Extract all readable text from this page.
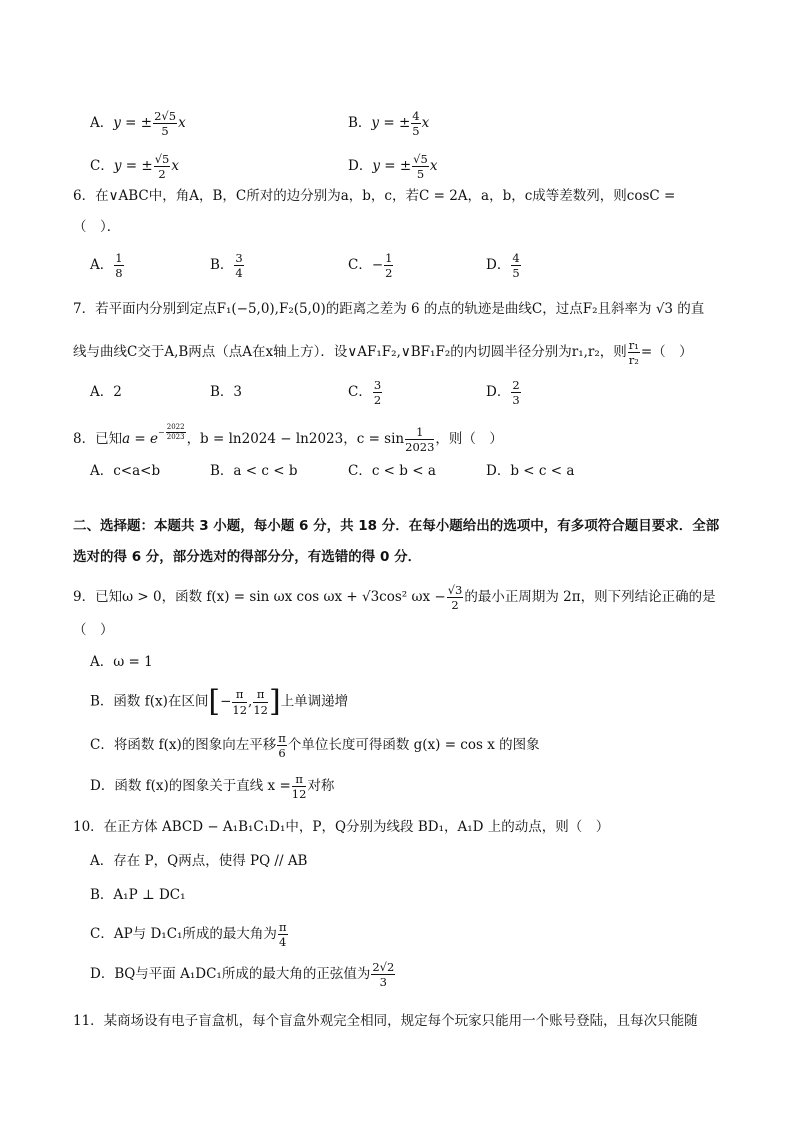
A．y = ± $\frac{2√5}{5}$ x	B．y = ± $\frac{4}{5}$ x
C．y = ± $\frac{√5}{2}$ x	D．y = ± $\frac{√5}{5}$ x
6．在∨ABC中，角A，B，C所对的边分别为a，b，c，若C = 2A，a，b，c成等差数列，则cosC =
（　）．
A． $\frac{1}{8}$	B． $\frac{3}{4}$	C．− $\frac{1}{2}$	D． $\frac{4}{5}$
7．若平面内分别到定点F₁(−5,0),F₂(5,0)的距离之差为 6 的点的轨迹是曲线C，过点F₂且斜率为 √3 的直
线与曲线C交于A,B两点（点A在x轴上方）．设∨AF₁F₂,∨BF₁F₂的内切圆半径分别为r₁,r₂，则 $\frac{\text{r₁}}{\text{r₂}}$ =（　）
A．2	B．3	C． $\frac{3}{2}$	D． $\frac{2}{3}$
8．已知$a = e^{- \frac{2022}{2023}}$ ，b = ln2024 − ln2023，$c = \sin \frac{1}{2023}$ ，则（　）
A．c<a<b	B．a < c < b	C．c < b < a	D．b < c < a
二、选择题：本题共 3 小题，每小题 6 分，共 18 分．在每小题给出的选项中，有多项符合题目要求．全部
选对的得 6 分，部分选对的得部分分，有选错的得 0 分．
9．已知ω > 0，函数 f(x) = sin ωx cos ωx + √3cos² $\omega x - \frac{√3}{2}$ 的最小正周期为 2π，则下列结论正确的是
（　）
A．ω = 1
B．函数 f(x)在区间[− $\frac{\pi}{12}$ , $\frac{\pi}{12}$ ]上单调递增
C．将函数 f(x)的图象向左平移 $\frac{\pi}{6}$ 个单位长度可得函数 g(x) = cos x 的图象
D．函数 f(x)的图象关于直线 $x = \frac{\pi}{12}$ 对称
10．在正方体 ABCD − A₁B₁C₁D₁中，P，Q分别为线段 BD₁，A₁D 上的动点，则（　）
A．存在 P，Q两点，使得 PQ // AB
B．A₁P ⊥ DC₁
C．AP与 D₁C₁所成的最大角为 $\frac{\pi}{4}$
D．BQ与平面 A₁DC₁所成的最大角的正弦值为 $\frac{2√2}{3}$
11．某商场设有电子盲盒机，每个盲盒外观完全相同，规定每个玩家只能用一个账号登陆，且每次只能随
